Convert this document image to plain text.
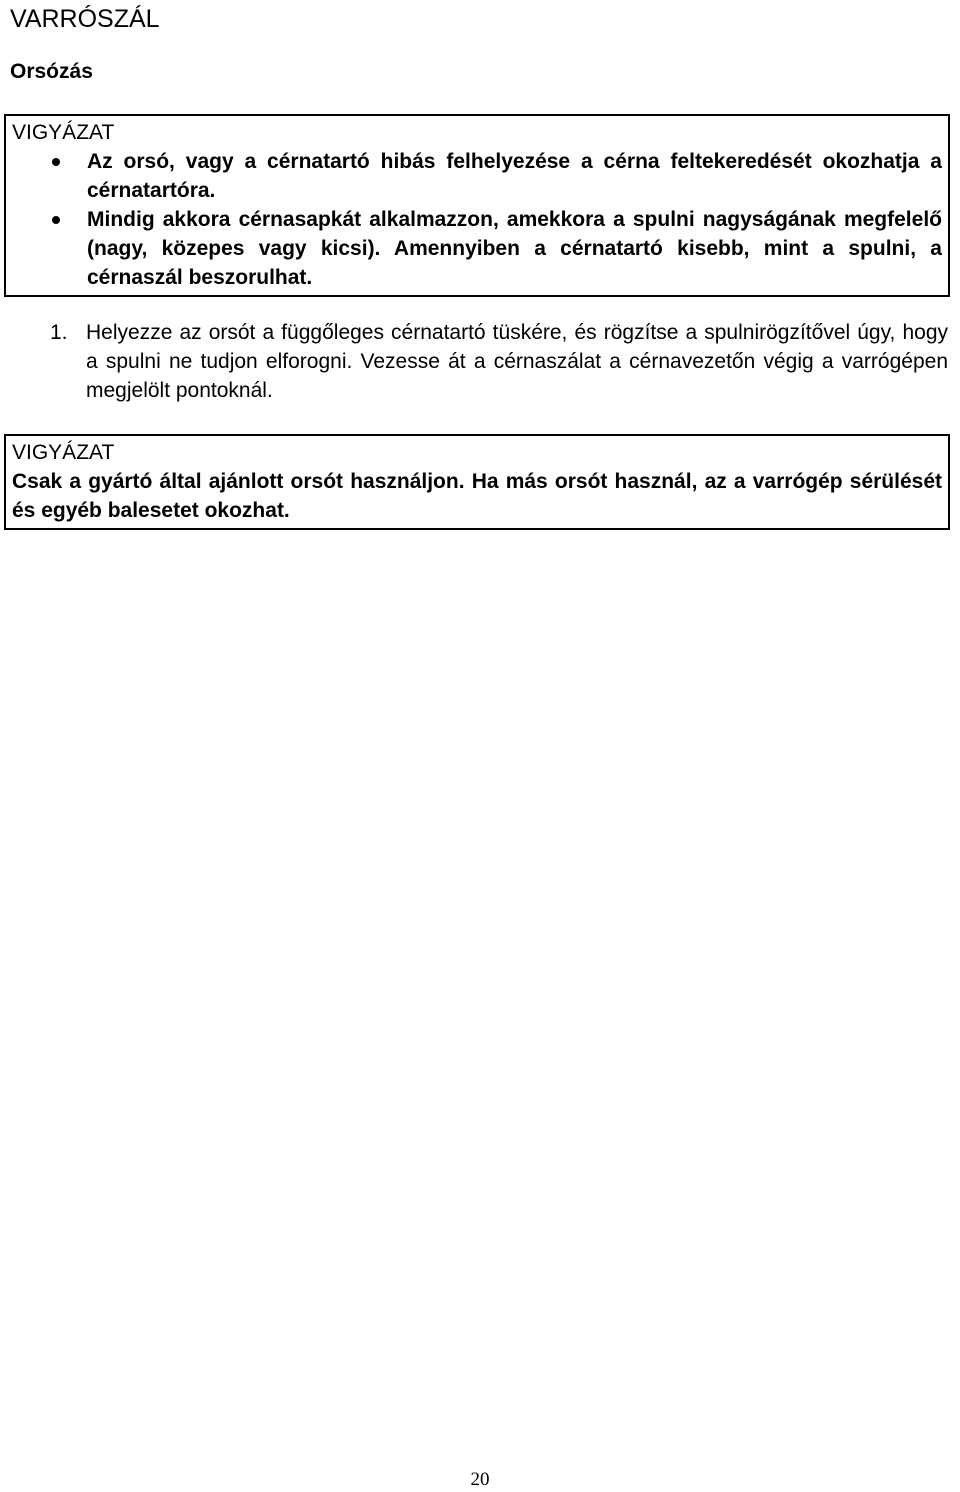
VARRÓSZÁL
Orsózás
VIGYÁZAT
Az orsó, vagy a cérnatartó hibás felhelyezése a cérna feltekeredését okozhatja a cérnatartóra.
Mindig akkora cérnasapkát alkalmazzon, amekkora a spulni nagyságának megfelelő (nagy, közepes vagy kicsi). Amennyiben a cérnatartó kisebb, mint a spulni, a cérnaszál beszorulhat.
1. Helyezze az orsót a függőleges cérnatartó tüskére, és rögzítse a spulnirögzítővel úgy, hogy a spulni ne tudjon elforogni. Vezesse át a cérnaszálat a cérnavezetőn végig a varrógépen megjelölt pontoknál.
VIGYÁZAT
Csak a gyártó által ajánlott orsót használjon. Ha más orsót használ, az a varrógép sérülését és egyéb balesetet okozhat.
20
